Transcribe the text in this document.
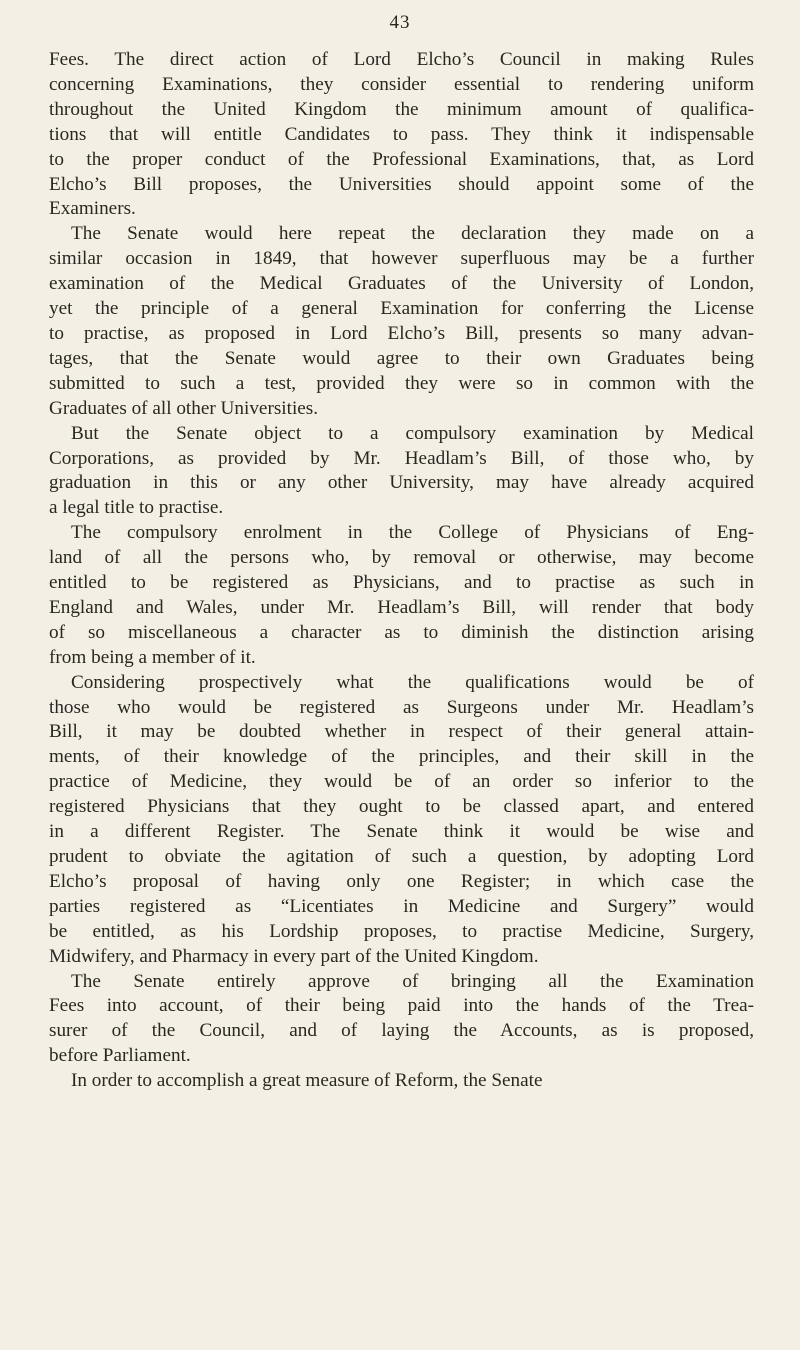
43
Fees. The direct action of Lord Elcho’s Council in making Rules
concerning Examinations, they consider essential to rendering uniform
throughout the United Kingdom the minimum amount of qualifica-
tions that will entitle Candidates to pass. They think it indispensable
to the proper conduct of the Professional Examinations, that, as Lord
Elcho’s Bill proposes, the Universities should appoint some of the
Examiners.
The Senate would here repeat the declaration they made on a
similar occasion in 1849, that however superfluous may be a further
examination of the Medical Graduates of the University of London,
yet the principle of a general Examination for conferring the License
to practise, as proposed in Lord Elcho’s Bill, presents so many advan-
tages, that the Senate would agree to their own Graduates being
submitted to such a test, provided they were so in common with the
Graduates of all other Universities.
But the Senate object to a compulsory examination by Medical
Corporations, as provided by Mr. Headlam’s Bill, of those who, by
graduation in this or any other University, may have already acquired
a legal title to practise.
The compulsory enrolment in the College of Physicians of Eng-
land of all the persons who, by removal or otherwise, may become
entitled to be registered as Physicians, and to practise as such in
England and Wales, under Mr. Headlam’s Bill, will render that body
of so miscellaneous a character as to diminish the distinction arising
from being a member of it.
Considering prospectively what the qualifications would be of
those who would be registered as Surgeons under Mr. Headlam’s
Bill, it may be doubted whether in respect of their general attain-
ments, of their knowledge of the principles, and their skill in the
practice of Medicine, they would be of an order so inferior to the
registered Physicians that they ought to be classed apart, and entered
in a different Register. The Senate think it would be wise and
prudent to obviate the agitation of such a question, by adopting Lord
Elcho’s proposal of having only one Register; in which case the
parties registered as “Licentiates in Medicine and Surgery” would
be entitled, as his Lordship proposes, to practise Medicine, Surgery,
Midwifery, and Pharmacy in every part of the United Kingdom.
The Senate entirely approve of bringing all the Examination
Fees into account, of their being paid into the hands of the Trea-
surer of the Council, and of laying the Accounts, as is proposed,
before Parliament.
In order to accomplish a great measure of Reform, the Senate
